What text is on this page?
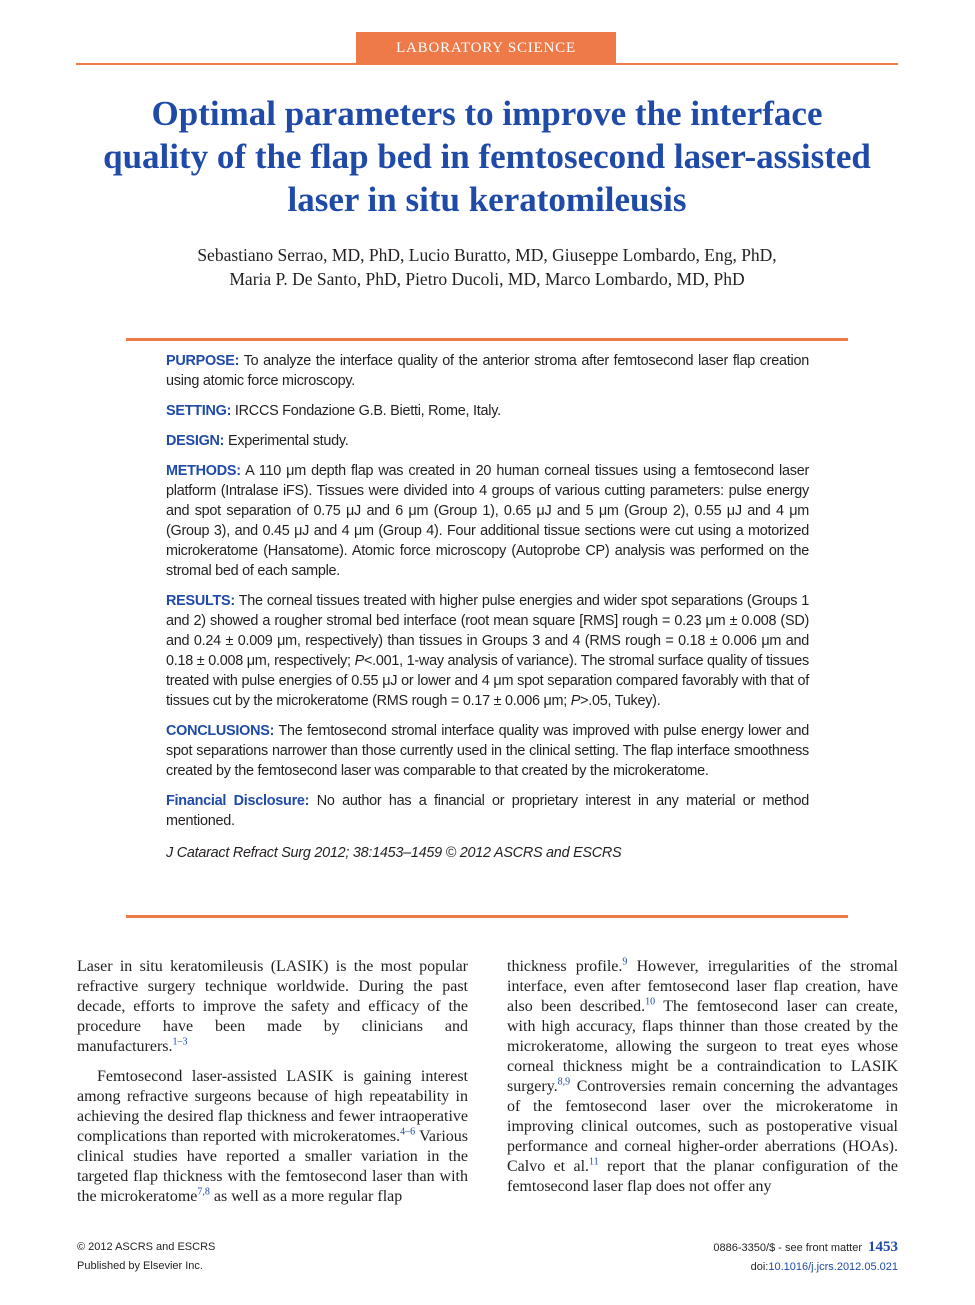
LABORATORY SCIENCE
Optimal parameters to improve the interface quality of the flap bed in femtosecond laser-assisted laser in situ keratomileusis
Sebastiano Serrao, MD, PhD, Lucio Buratto, MD, Giuseppe Lombardo, Eng, PhD,
Maria P. De Santo, PhD, Pietro Ducoli, MD, Marco Lombardo, MD, PhD

PURPOSE: To analyze the interface quality of the anterior stroma after femtosecond laser flap creation using atomic force microscopy.

SETTING: IRCCS Fondazione G.B. Bietti, Rome, Italy.

DESIGN: Experimental study.

METHODS: A 110 μm depth flap was created in 20 human corneal tissues using a femtosecond laser platform (Intralase iFS). Tissues were divided into 4 groups of various cutting parameters: pulse energy and spot separation of 0.75 μJ and 6 μm (Group 1), 0.65 μJ and 5 μm (Group 2), 0.55 μJ and 4 μm (Group 3), and 0.45 μJ and 4 μm (Group 4). Four additional tissue sections were cut using a motorized microkeratome (Hansatome). Atomic force microscopy (Autoprobe CP) analysis was performed on the stromal bed of each sample.

RESULTS: The corneal tissues treated with higher pulse energies and wider spot separations (Groups 1 and 2) showed a rougher stromal bed interface (root mean square [RMS] rough = 0.23 μm ± 0.008 (SD) and 0.24 ± 0.009 μm, respectively) than tissues in Groups 3 and 4 (RMS rough = 0.18 ± 0.006 μm and 0.18 ± 0.008 μm, respectively; P<.001, 1-way analysis of variance). The stromal surface quality of tissues treated with pulse energies of 0.55 μJ or lower and 4 μm spot separation compared favorably with that of tissues cut by the microkeratome (RMS rough = 0.17 ± 0.006 μm; P>.05, Tukey).

CONCLUSIONS: The femtosecond stromal interface quality was improved with pulse energy lower and spot separations narrower than those currently used in the clinical setting. The flap interface smoothness created by the femtosecond laser was comparable to that created by the microkeratome.

Financial Disclosure: No author has a financial or proprietary interest in any material or method mentioned.

J Cataract Refract Surg 2012; 38:1453–1459 © 2012 ASCRS and ESCRS

Laser in situ keratomileusis (LASIK) is the most popular refractive surgery technique worldwide. During the past decade, efforts to improve the safety and efficacy of the procedure have been made by clinicians and manufacturers.$^{1-3}$

Femtosecond laser-assisted LASIK is gaining interest among refractive surgeons because of high repeatability in achieving the desired flap thickness and fewer intraoperative complications than reported with microkeratomes.$^{4-6}$ Various clinical studies have reported a smaller variation in the targeted flap thickness with the femtosecond laser than with the microkeratome$^{7,8}$ as well as a more regular flap

thickness profile.$^9$ However, irregularities of the stromal interface, even after femtosecond laser flap creation, have also been described.$^{10}$ The femtosecond laser can create, with high accuracy, flaps thinner than those created by the microkeratome, allowing the surgeon to treat eyes whose corneal thickness might be a contraindication to LASIK surgery.$^{8,9}$ Controversies remain concerning the advantages of the femtosecond laser over the microkeratome in improving clinical outcomes, such as postoperative visual performance and corneal higher-order aberrations (HOAs). Calvo et al.$^{11}$ report that the planar configuration of the femtosecond laser flap does not offer any

© 2012 ASCRS and ESCRS
Published by Elsevier Inc.
0886-3350/$ - see front matter 1453
doi:10.1016/j.jcrs.2012.05.021
